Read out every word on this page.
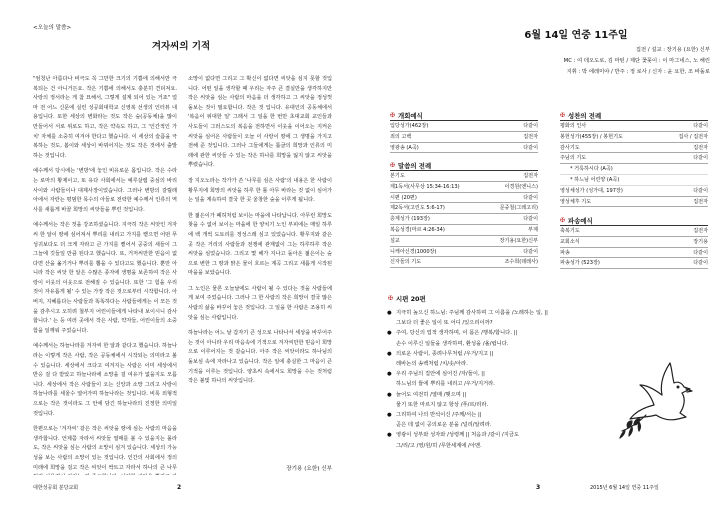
<오늘의 말씀>
겨자씨의 기적

"엄청난 아름다나 비극도 꼭 그만한 크기의 기쁨에 의해서만 극복되는 건 아니거든요. 작은 기쁨에 의해서도 충분히 견뎌져요. 사랑의 정서라는 게 참 묘해서, 그렇게 설계 되어 있는 거죠" 얼마 전 어느 신문에 실린 성공회대학교 신영복 선생의 인터뷰 내용입니다. 또한 세상의 변화라는 것도 작은 숲(공동체)을 많이 만들어서 서로 위로도 하고, 작은 약속도 하고, 그 '인간적인 가치' 자체를 소중히 여겨야 한다고 했습니다. 이 세상의 슬픔을 극복하는 것도, 봄이와 세상이 바뀌어지는 것도 작은 것에서 출발하는 것입니다.

예수께서 당시에는 '변방'에 놓인 비유로운 몸입니다. 작은 수라는 로마의 황제이고, 또 유다 사회에서는 예루살렘 중심의 바리사이와 사람들이나 대제사장이었습니다. 그러나 변방의 갈릴래아에서 자란는 평범한 목수의 아들로 전락한 예수께서 인류의 역사를 새롭게 바꿀 희망의 씨앗들을 뿌린 것입니다.

예수께서는 작은 것을 강조하셨습니다. 지극히 작은 씨앗인 겨자씨 한 알이 땅에 심어져서 뿌리를 내리고 가지를 뻗으면 어떤 푸성귀보다도 더 크게 자라고 큰 가지를 뻗어서 공중의 새들이 그 그늘에 깃들일 만큼 된다고 했습니다. 또, 거저씨만한 믿음이 없다면 산을 옮기거나 뿌리를 뽑을 수 있다고도 했습니다. 뿐만 아니라 작은 씨앗 한 알은 수많은 종자에 생명을 보존하여 작은 사랑이 이웃의 이웃으로 전해질 수 있습니다. 또한 '그 힘을 우리 것이 자유롭게 될' 수 있는 가장 작은 것으로부터 시작합니다. 아버지, 지혜롭다는 사람들과 똑똑하다는 사람들에게는 이 모든 것을 감추시고 오히려 철부지 어린이들에게 나타내 보이시니 감사합니다.' 는 등 여러 곳에서 작은 사람, 약자들, 어린이들의 소중함을 일깨워 주었습니다.

예수께서는 하늘나라를 겨자씨 한 알과 같다고 했습니다. 하늘나라는 이렇게 작은 사람, 작은 공동체에서 시작되는 의미라고 볼 수 있습니다. 세상에서 크다고 여겨지는 사람은 이미 세상에서 반응 걸 다 받았고 하늘나라에 소망을 걸 여유가 없을지도 모릅니다. 세상에서 작은 사람들이 오는 신앙과 소망 그리고 사랑이 하늘나라를 세울수 열어가며 하늘나라는 것입니다. 비록 외형적으로는 작은 것이라도 그 안에 담긴 하늘나라의 진정한 의미일 것입니다.

한편으로는 '겨자씨' 같은 작은 씨앗을 땅에 심는 사람의 마음을 생각합니다. 언제쯤 자라서 씨앗들 열매를 볼 수 있을지는 몰라도, 작은 씨앗을 심는 사람의 소망이 심겨 있습니다. 세상의 가능성을 보는 사람의 소망이 있는 것입니다. 인간의 사회에서 정의 미래에 희망을 걸고 작은 씨앗이 싹트고 자라서 하나의 큰 나무

소망이 없다면 그리고 그 확신이 없다면 씨앗을 심지 못할 것입니다. 어떤 일을 생각할 때 우리는 자주 큰 결실만을 생각하지만 작은 씨앗을 심는 사람의 마음을 더 생각하고 그 씨앗을 정성껏 돌보는 것이 필요합니다. 작은 것 입니다. 유대인의 공동체에서 '복음이 위대한 일' 그래서 그 일을 한 번만 초대교회 교인들과 사도들이 그러스도의 복음을 전하면서 이웃을 이어오는 지켜온 씨앗을 심어온 사람들이 오늘 이 사랑이 땅에 그 생명을 가지고 전해 준 것입니다. 그러나 그들에게는 톱굴의 희망과 인류의 미래에 관한 씨앗들 수 있는 작은 하나를 희망을 잃지 않고 씨앗을 뿌렸습니다.

장 지오노라는 작가가 쓴 '나무를 심은 사람'의 내용은 한 사람이 황무지에 희망의 씨앗을 하루 한 톨 아무 바라는 것 없이 심어가는 일을 계속하여 결국 한 곳 울창한 숲을 이루게 됩니다.

한 젊은이가 폐허처럼 보이는 마을에 나타납니다. 아무런 희망도 찾을 수 없어 보이는 마을에 한 양치기 노인 부피에는 매일 하루에 백 개씩 도토리를 정성스레 심고 있었습니다. 황무지와 같은 곳 작은 거리의 사람들과 전쟁에 관계없이 그는 하루하루 작은 씨앗을 심었습니다. 그리고 몇 해가 지나고 돌아온 젊은이는 숲으로 변한 그 땅과 맑은 물이 흐르는 계곡 그리고 새롭게 시작된 마을을 보았습니다.

그 노인은 물론 오늘날에도 사람이 될 수 있다는 것을 사람들에게 보여 주었습니다. 그러나 그 한 사람의 작은 희망이 결국 많은 사람의 삶을 바꾸어 놓은 것입니다. 그 일을 한 사람은 조용히 씨앗을 심는 사람입니다.

하늘나라는 어느 날 갑자기 큰 성으로 나타나서 세상을 바꾸어주는 것이 아니라 우리 마음속에 기적으로 겨자씨만한 믿음이 희망으로 이루어지는 것 같습니다. 아주 작은 씨앗이라도 하나님의 돌보심 속에 자라나고 있습니다. 작은 일에 충실한 그 마음이 큰 기적을 이루는 것입니다. 양초씨 속에서도 희망을 수는 것처럼 작은 불빛 하나의 씨앗입니다.

장기용 (요한) 신부
대한성공회 분당교회	2
6월 14일 연중 11주일
집전 / 설교 : 장기용 (요한) 신부
MC : 여 데오도로, 김 마틴 / 제단 꽃꽂이 : 이 마그네스, 노 해린
지휘 : 박 에레미야 / 반주 : 정 로사 / 신자 : 윤 요한, 조 바돌로
✠ 개회예식
입당성가(462장)	다같이
죄의 고백	집전자
영광송 (A곡)	다같이
✠ 말씀의 전례
본기도	집전자
제1독서(사무상 15:34-16:13)	이경원(엔니스)
시편 (20편)	다같이
제2독서(고린도 5:6-17)	문중철(그레고리)
층계성가 (193장)	다같이
복음성경(마르 4:26-34)	부제
설교	장기용(요한)신부
니케아신경(1000장)	다같이
신자들의 기도	조수희(데레사)
✠ 성찬의 전례
평화의 인사	다같이
봉헌성가(455장) / 봉헌기도	집사 / 집전자
감사기도	집전자
주님의 기도	다같이
* 거룩하시다 (A곡)
* 하느님 어린양 (A곡)
영성체성가 (성가대, 197장)	다같이
영성체후 기도	집전자
✠ 파송예식
축복기도	집전자
교회소식	장기용
파송	다같이
파송성가 (523장)	다같이
✠ 시편 20편
● 지극히 높으신 하느님: 주님께 감사하며 그 이름을 /노래하는 일, ||
그보다 더 좋은 일이 또 어디 /있으리이까?
● 주여, 당신의 업적 생각하며, 이 몸은 /행복/합니다. ||
손수 이루신 일들을 생각하며, 환성을 /올/립니다.
● 의로운 사람이, 종려나무처럼 /우거/지고 ||
레바논의 송백처럼 /치/솟/아라.
● 우리 주님의 집안에 심어진 /자/들이, ||
하느님의 뜰에 뿌리를 내리고 /우거/지거라.
● 늙어도 여전히 /열매 /맺으며 ||
물기 또한 마르지 않고 항상 /푸/르/리라.
● 그리하여 나의 반석이신 /주께/서는 ||
곧은 데 없이 공의로운 분을 /널리/알려라.
● 영광이 성부와 성자와 /성령께 || 처음과 /같이 /지금도
그/리/고 /영/원/히 /무한세계에 /아멘.
2015년 6월 14일 연중 11주일
3
